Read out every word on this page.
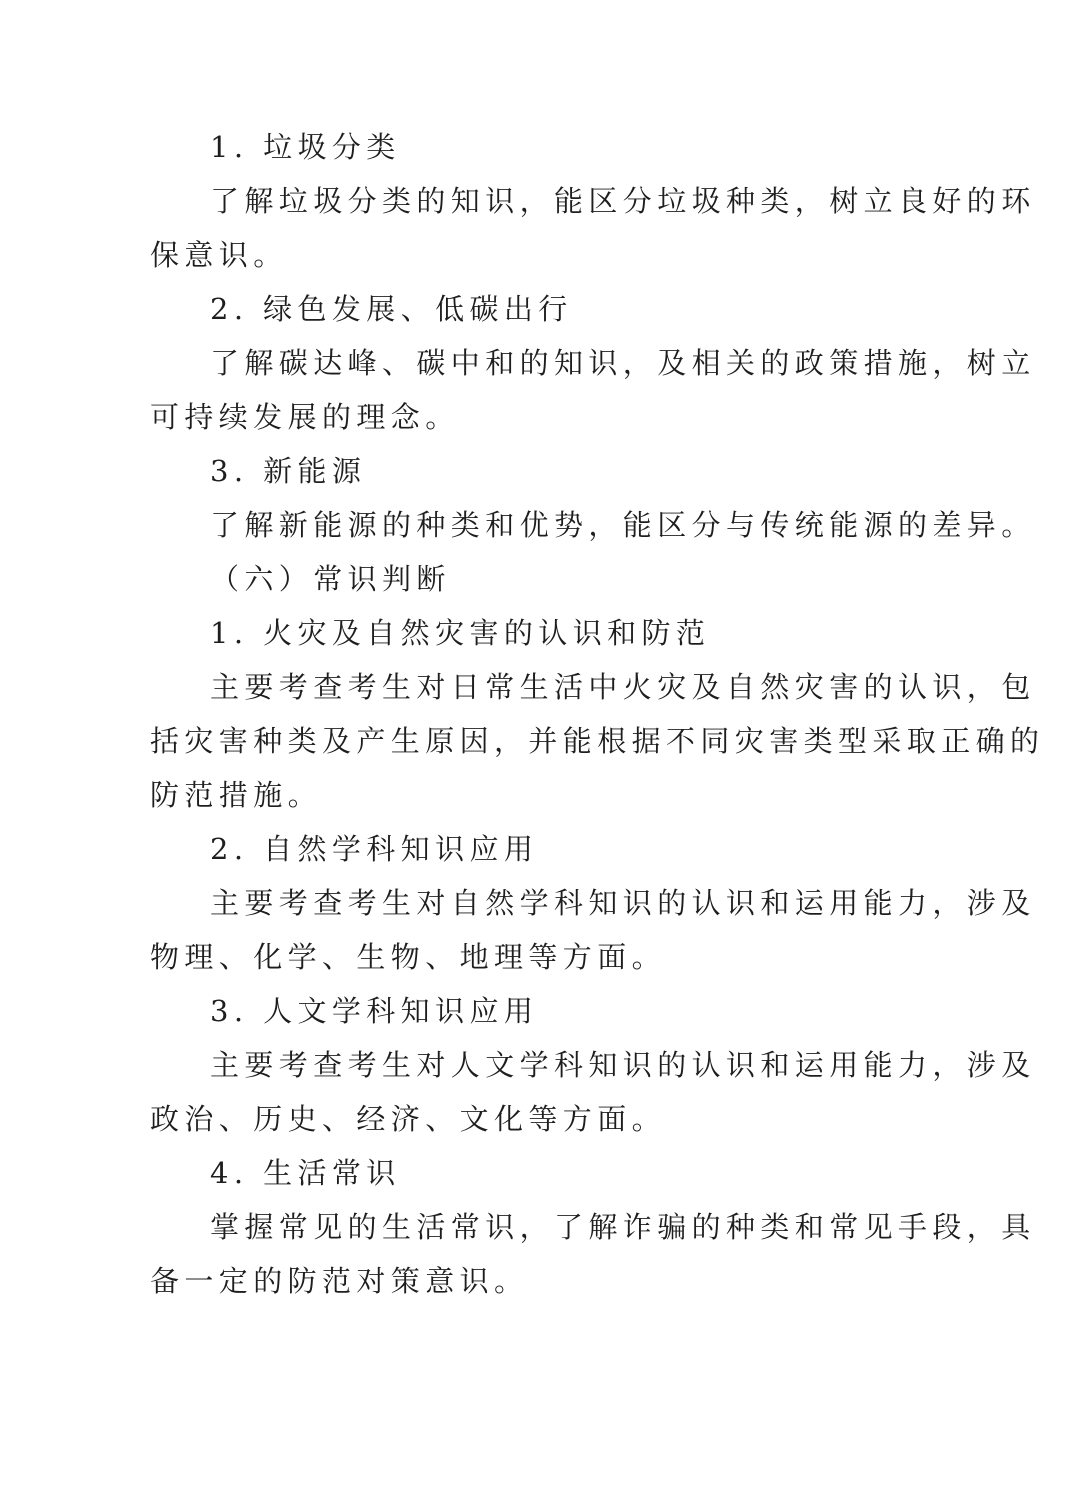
1. 垃圾分类
了解垃圾分类的知识，能区分垃圾种类，树立良好的环
保意识。
2. 绿色发展、低碳出行
了解碳达峰、碳中和的知识，及相关的政策措施，树立
可持续发展的理念。
3. 新能源
了解新能源的种类和优势，能区分与传统能源的差异。
（六）常识判断
1. 火灾及自然灾害的认识和防范
主要考查考生对日常生活中火灾及自然灾害的认识，包
括灾害种类及产生原因，并能根据不同灾害类型采取正确的
防范措施。
2. 自然学科知识应用
主要考查考生对自然学科知识的认识和运用能力，涉及
物理、化学、生物、地理等方面。
3. 人文学科知识应用
主要考查考生对人文学科知识的认识和运用能力，涉及
政治、历史、经济、文化等方面。
4. 生活常识
掌握常见的生活常识，了解诈骗的种类和常见手段，具
备一定的防范对策意识。
